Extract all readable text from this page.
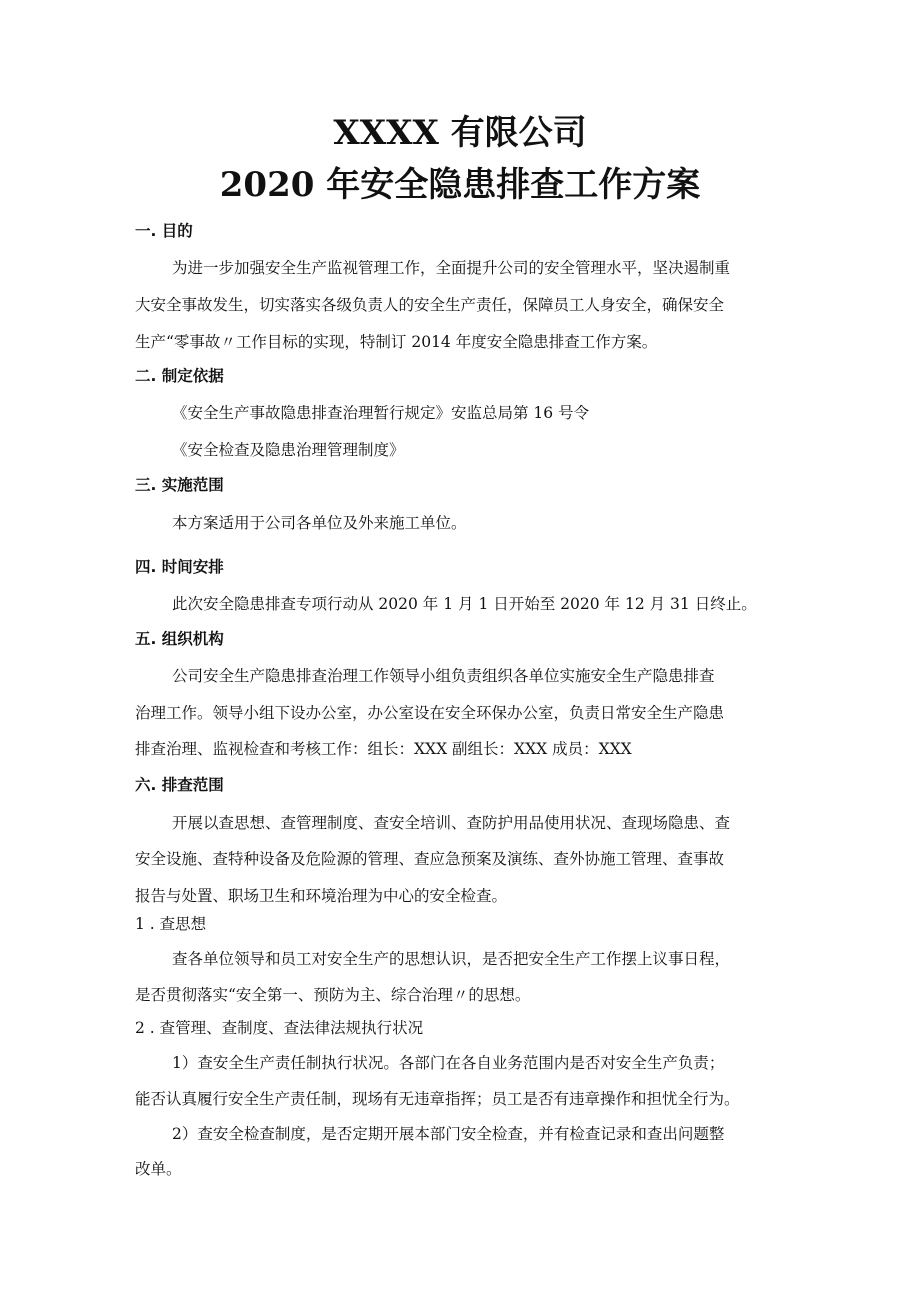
XXXX 有限公司
2020 年安全隐患排查工作方案
一. 目的
为进一步加强安全生产监视管理工作，全面提升公司的安全管理水平，坚决遏制重
大安全事故发生，切实落实各级负责人的安全生产责任，保障员工人身安全，确保安全
生产“零事故〃工作目标的实现，特制订 2014 年度安全隐患排查工作方案。
二. 制定依据
《安全生产事故隐患排查治理暂行规定》安监总局第 16 号令
《安全检查及隐患治理管理制度》
三. 实施范围
本方案适用于公司各单位及外来施工单位。
四. 时间安排
此次安全隐患排查专项行动从 2020 年 1 月 1 日开始至 2020 年 12 月 31 日终止。
五. 组织机构
公司安全生产隐患排查治理工作领导小组负责组织各单位实施安全生产隐患排查
治理工作。领导小组下设办公室，办公室设在安全环保办公室，负责日常安全生产隐患
排查治理、监视检查和考核工作：组长：XXX 副组长：XXX 成员：XXX
六. 排查范围
开展以查思想、查管理制度、查安全培训、查防护用品使用状况、查现场隐患、查
安全设施、查特种设备及危险源的管理、查应急预案及演练、查外协施工管理、查事故
报告与处置、职场卫生和环境治理为中心的安全检查。
1 . 查思想
查各单位领导和员工对安全生产的思想认识，是否把安全生产工作摆上议事日程，
是否贯彻落实“安全第一、预防为主、综合治理〃的思想。
2 . 查管理、查制度、查法律法规执行状况
1）查安全生产责任制执行状况。各部门在各自业务范围内是否对安全生产负责；
能否认真履行安全生产责任制，现场有无违章指挥；员工是否有违章操作和担忧全行为。
2）查安全检查制度，是否定期开展本部门安全检查，并有检查记录和查出问题整
改单。
